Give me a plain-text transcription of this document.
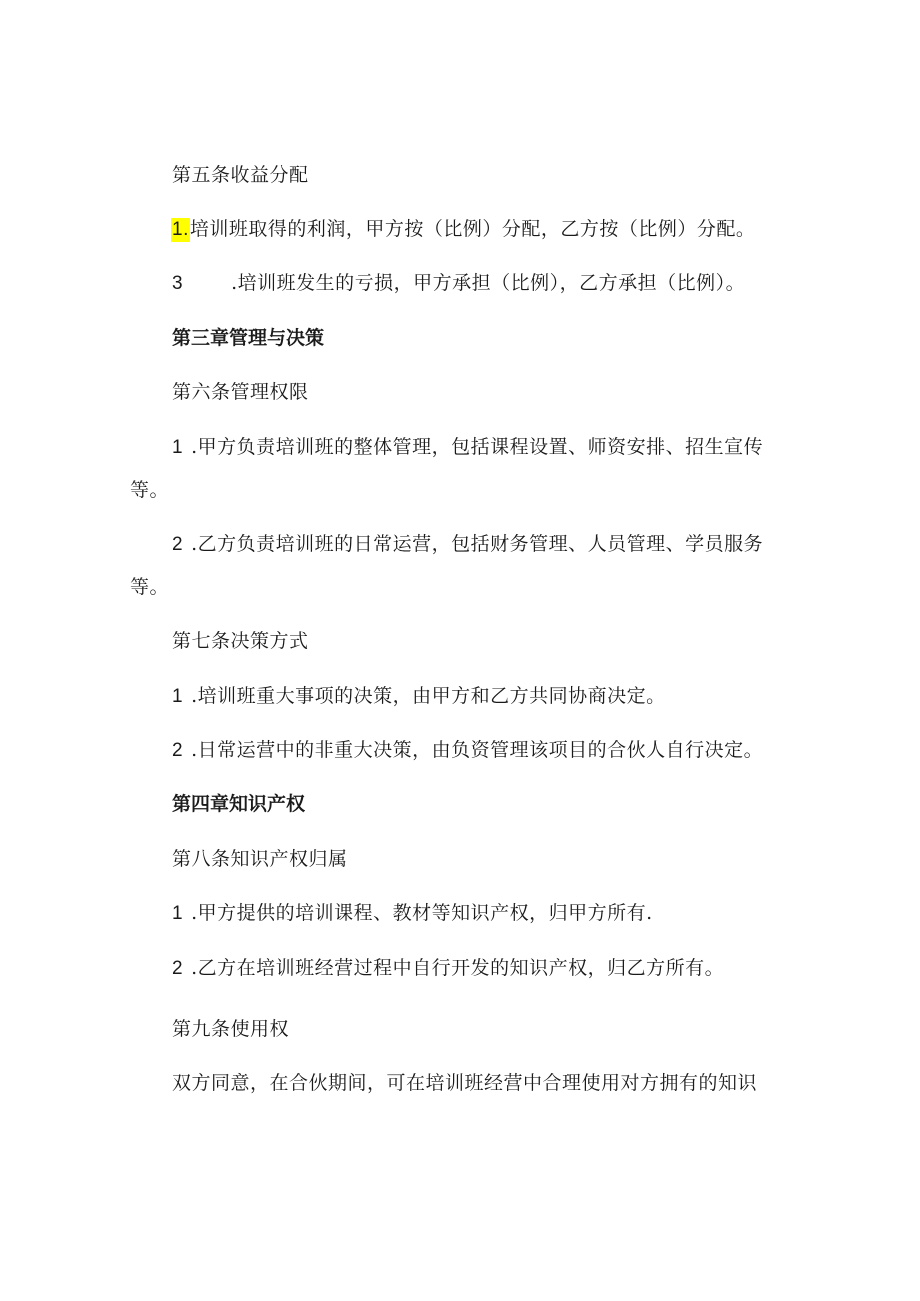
第五条收益分配
1.培训班取得的利润，甲方按（比例）分配，乙方按（比例）分配。
3	.培训班发生的亏损，甲方承担（比例），乙方承担（比例）。
第三章管理与决策
第六条管理权限
1 .甲方负责培训班的整体管理，包括课程设置、师资安排、招生宣传
等。
2 .乙方负责培训班的日常运营，包括财务管理、人员管理、学员服务
等。
第七条决策方式
1 .培训班重大事项的决策，由甲方和乙方共同协商决定。
2 .日常运营中的非重大决策，由负资管理该项目的合伙人自行决定。
第四章知识产权
第八条知识产权归属
1 .甲方提供的培训课程、教材等知识产权，归甲方所有.
2 .乙方在培训班经营过程中自行开发的知识产权，归乙方所有。
第九条使用权
双方同意，在合伙期间，可在培训班经营中合理使用对方拥有的知识
